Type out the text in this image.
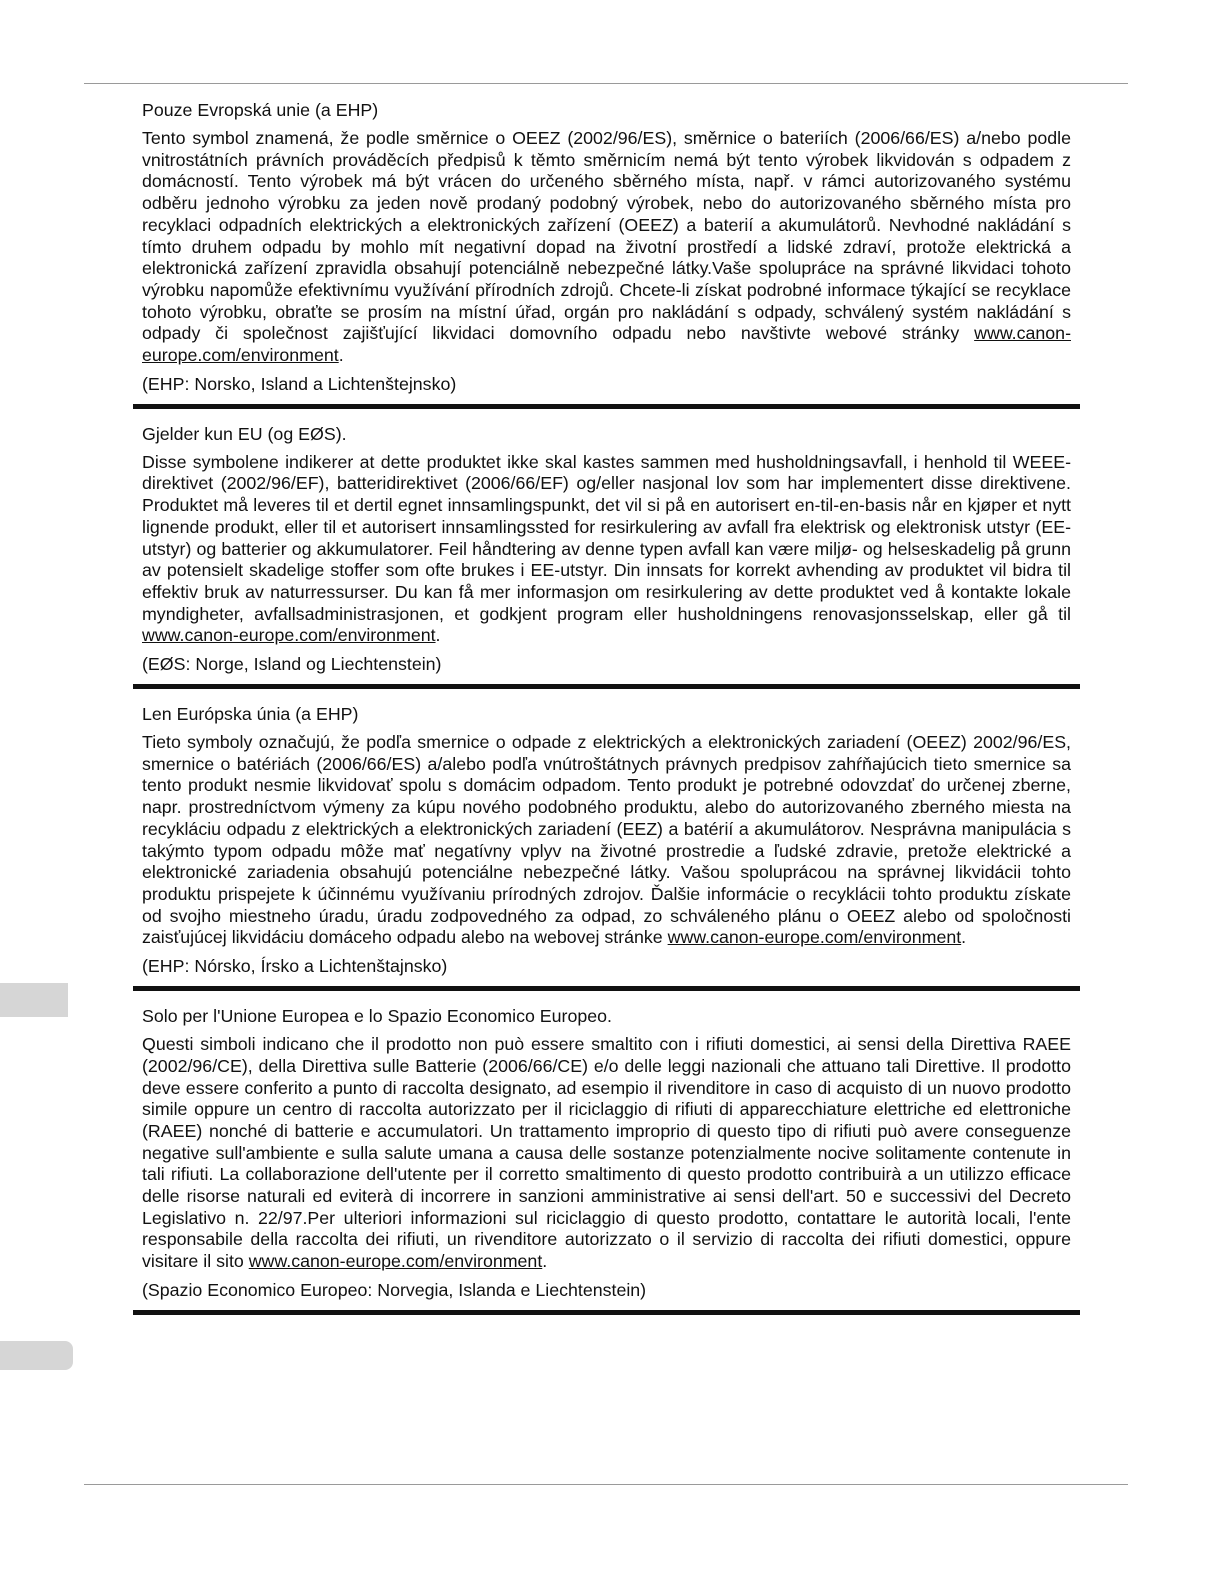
Pouze Evropská unie (a EHP)

Tento symbol znamená, že podle směrnice o OEEZ (2002/96/ES), směrnice o bateriích (2006/66/ES) a/nebo podle vnitrostátních právních prováděcích předpisů k těmto směrnicím nemá být tento výrobek likvidován s odpadem z domácností. Tento výrobek má být vrácen do určeného sběrného místa, např. v rámci autorizovaného systému odběru jednoho výrobku za jeden nově prodaný podobný výrobek, nebo do autorizovaného sběrného místa pro recyklaci odpadních elektrických a elektronických zařízení (OEEZ) a baterií a akumulátorů. Nevhodné nakládání s tímto druhem odpadu by mohlo mít negativní dopad na životní prostředí a lidské zdraví, protože elektrická a elektronická zařízení zpravidla obsahují potenciálně nebezpečné látky.Vaše spolupráce na správné likvidaci tohoto výrobku napomůže efektivnímu využívání přírodních zdrojů. Chcete-li získat podrobné informace týkající se recyklace tohoto výrobku, obraťte se prosím na místní úřad, orgán pro nakládání s odpady, schválený systém nakládání s odpady či společnost zajišťující likvidaci domovního odpadu nebo navštivte webové stránky www.canon-europe.com/environment.

(EHP: Norsko, Island a Lichtenštejnsko)

Gjelder kun EU (og EØS).

Disse symbolene indikerer at dette produktet ikke skal kastes sammen med husholdningsavfall, i henhold til WEEE-direktivet (2002/96/EF), batteridirektivet (2006/66/EF) og/eller nasjonal lov som har implementert disse direktivene. Produktet må leveres til et dertil egnet innsamlingspunkt, det vil si på en autorisert en-til-en-basis når en kjøper et nytt lignende produkt, eller til et autorisert innsamlingssted for resirkulering av avfall fra elektrisk og elektronisk utstyr (EE-utstyr) og batterier og akkumulatorer. Feil håndtering av denne typen avfall kan være miljø- og helseskadelig på grunn av potensielt skadelige stoffer som ofte brukes i EE-utstyr. Din innsats for korrekt avhending av produktet vil bidra til effektiv bruk av naturressurser. Du kan få mer informasjon om resirkulering av dette produktet ved å kontakte lokale myndigheter, avfallsadministrasjonen, et godkjent program eller husholdningens renovasjonsselskap, eller gå til www.canon-europe.com/environment.

(EØS: Norge, Island og Liechtenstein)

Len Európska únia (a EHP)

Tieto symboly označujú, že podľa smernice o odpade z elektrických a elektronických zariadení (OEEZ) 2002/96/ES, smernice o batériách (2006/66/ES) a/alebo podľa vnútroštátnych právnych predpisov zahŕňajúcich tieto smernice sa tento produkt nesmie likvidovať spolu s domácim odpadom. Tento produkt je potrebné odovzdať do určenej zberne, napr. prostredníctvom výmeny za kúpu nového podobného produktu, alebo do autorizovaného zberného miesta na recykláciu odpadu z elektrických a elektronických zariadení (EEZ) a batérií a akumulátorov. Nesprávna manipulácia s takýmto typom odpadu môže mať negatívny vplyv na životné prostredie a ľudské zdravie, pretože elektrické a elektronické zariadenia obsahujú potenciálne nebezpečné látky. Vašou spoluprácou na správnej likvidácii tohto produktu prispejete k účinnému využívaniu prírodných zdrojov. Ďalšie informácie o recyklácii tohto produktu získate od svojho miestneho úradu, úradu zodpovedného za odpad, zo schváleného plánu o OEEZ alebo od spoločnosti zaisťujúcej likvidáciu domáceho odpadu alebo na webovej stránke www.canon-europe.com/environment.

(EHP: Nórsko, Írsko a Lichtenštajnsko)

Solo per l'Unione Europea e lo Spazio Economico Europeo.

Questi simboli indicano che il prodotto non può essere smaltito con i rifiuti domestici, ai sensi della Direttiva RAEE (2002/96/CE), della Direttiva sulle Batterie (2006/66/CE) e/o delle leggi nazionali che attuano tali Direttive. Il prodotto deve essere conferito a punto di raccolta designato, ad esempio il rivenditore in caso di acquisto di un nuovo prodotto simile oppure un centro di raccolta autorizzato per il riciclaggio di rifiuti di apparecchiature elettriche ed elettroniche (RAEE) nonché di batterie e accumulatori. Un trattamento improprio di questo tipo di rifiuti può avere conseguenze negative sull'ambiente e sulla salute umana a causa delle sostanze potenzialmente nocive solitamente contenute in tali rifiuti. La collaborazione dell'utente per il corretto smaltimento di questo prodotto contribuirà a un utilizzo efficace delle risorse naturali ed eviterà di incorrere in sanzioni amministrative ai sensi dell'art. 50 e successivi del Decreto Legislativo n. 22/97.Per ulteriori informazioni sul riciclaggio di questo prodotto, contattare le autorità locali, l'ente responsabile della raccolta dei rifiuti, un rivenditore autorizzato o il servizio di raccolta dei rifiuti domestici, oppure visitare il sito www.canon-europe.com/environment.

(Spazio Economico Europeo: Norvegia, Islanda e Liechtenstein)
